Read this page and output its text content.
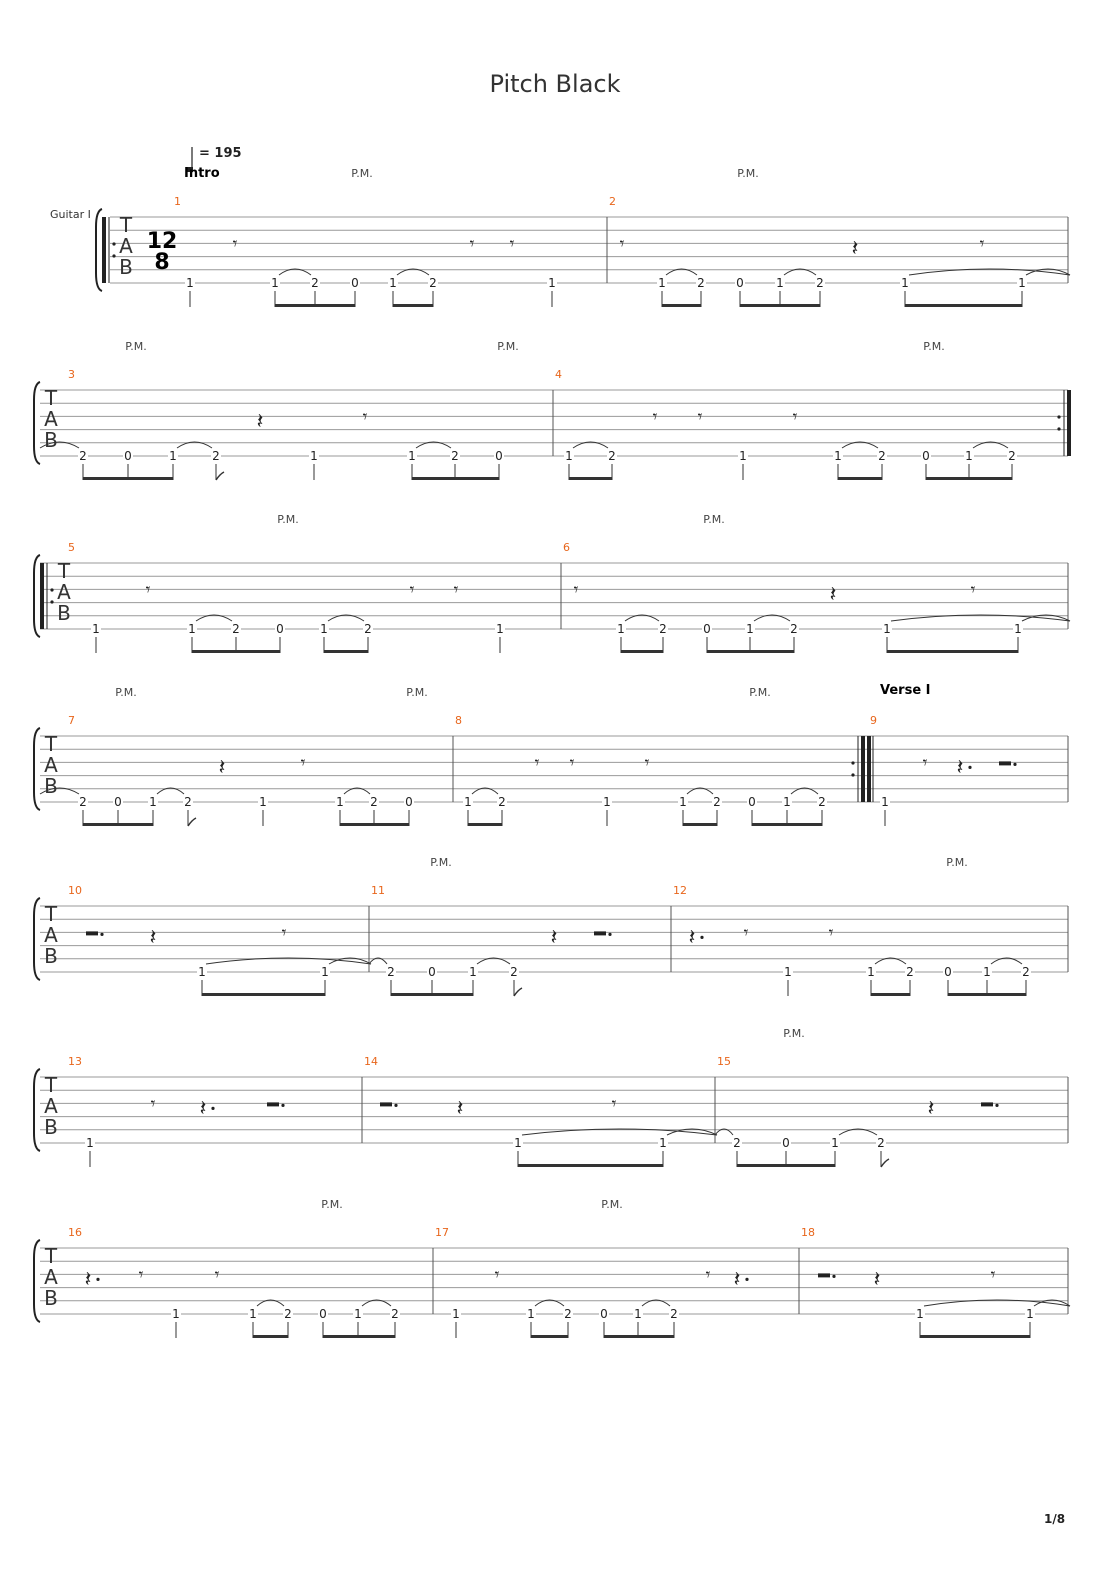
Pitch Black
= 195
Guitar I T
A
B
12
8
Intro
1
P.M.
𝄾	𝄾 𝄾
1	1	2	0	1	2	1
2
P.M.
𝄾	𝄽	𝄾
1	2	0	1	2	1	1
T
A
B
3
P.M.	P.M.
𝄽	𝄾
2	0	1	2	1	1	2	0
4
P.M.
𝄾 𝄾	𝄾
1	2	1	1	2	0	1	2
T
A
B
5
P.M.
𝄾	𝄾 𝄾
1	1	2	0	1	2	1
6
P.M.
𝄾	𝄽	𝄾
1	2	0	1	2	1	1
T
A
B
7
P.M.	P.M.
𝄽	𝄾
2 0 1 2	1	1 2 0
8
P.M.
𝄾 𝄾	𝄾
1 2	1	1 2 0 1 2
9
Verse I
𝄾 𝄽
1
T
A
B
10
𝄽	𝄾
1	1
11
P.M.
𝄽
2	0	1	2
12
P.M.
𝄽	𝄾	𝄾
1	1	2	0	1	2
T
A
B
13
𝄾 𝄽
1
14
𝄽	𝄾
1	1
15
P.M.
𝄽
2	0	1	2
T
A
B
16
P.M.
𝄽	𝄾	𝄾
1	1 2 0 1 2
17
P.M.
𝄾	𝄾 𝄽
1	1 2 0 1 2
18
𝄽	𝄾
1	1
1/8
